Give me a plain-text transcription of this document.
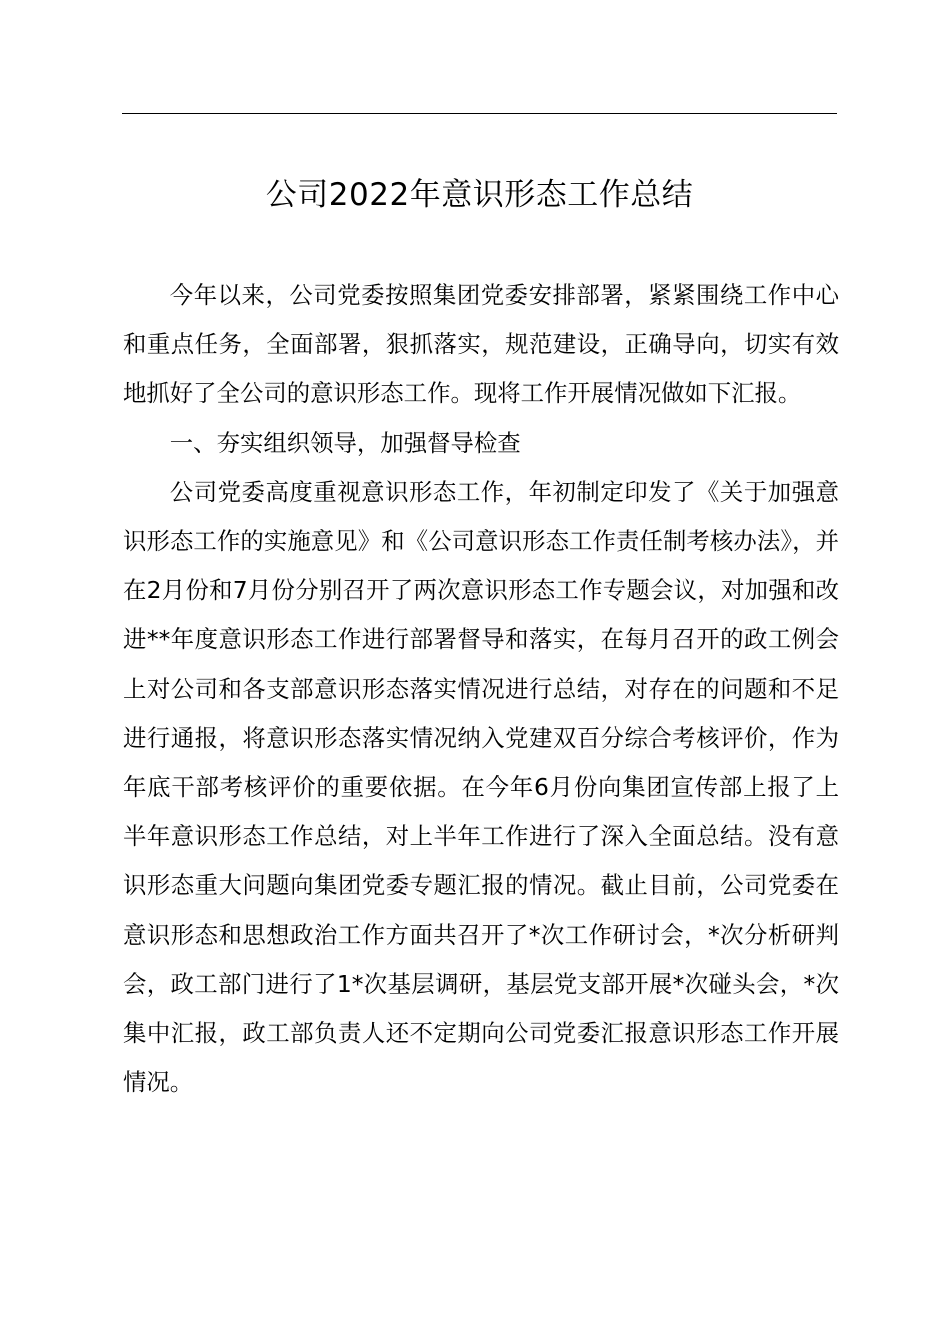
公司2022年意识形态工作总结

今年以来，公司党委按照集团党委安排部署，紧紧围绕工作中心和重点任务，全面部署，狠抓落实，规范建设，正确导向，切实有效地抓好了全公司的意识形态工作。现将工作开展情况做如下汇报。

一、夯实组织领导，加强督导检查

公司党委高度重视意识形态工作，年初制定印发了《关于加强意识形态工作的实施意见》和《公司意识形态工作责任制考核办法》，并在2月份和7月份分别召开了两次意识形态工作专题会议，对加强和改进**年度意识形态工作进行部署督导和落实，在每月召开的政工例会上对公司和各支部意识形态落实情况进行总结，对存在的问题和不足进行通报，将意识形态落实情况纳入党建双百分综合考核评价，作为年底干部考核评价的重要依据。在今年6月份向集团宣传部上报了上半年意识形态工作总结，对上半年工作进行了深入全面总结。没有意识形态重大问题向集团党委专题汇报的情况。截止目前，公司党委在意识形态和思想政治工作方面共召开了*次工作研讨会，*次分析研判会，政工部门进行了1*次基层调研，基层党支部开展*次碰头会，*次集中汇报，政工部负责人还不定期向公司党委汇报意识形态工作开展情况。
